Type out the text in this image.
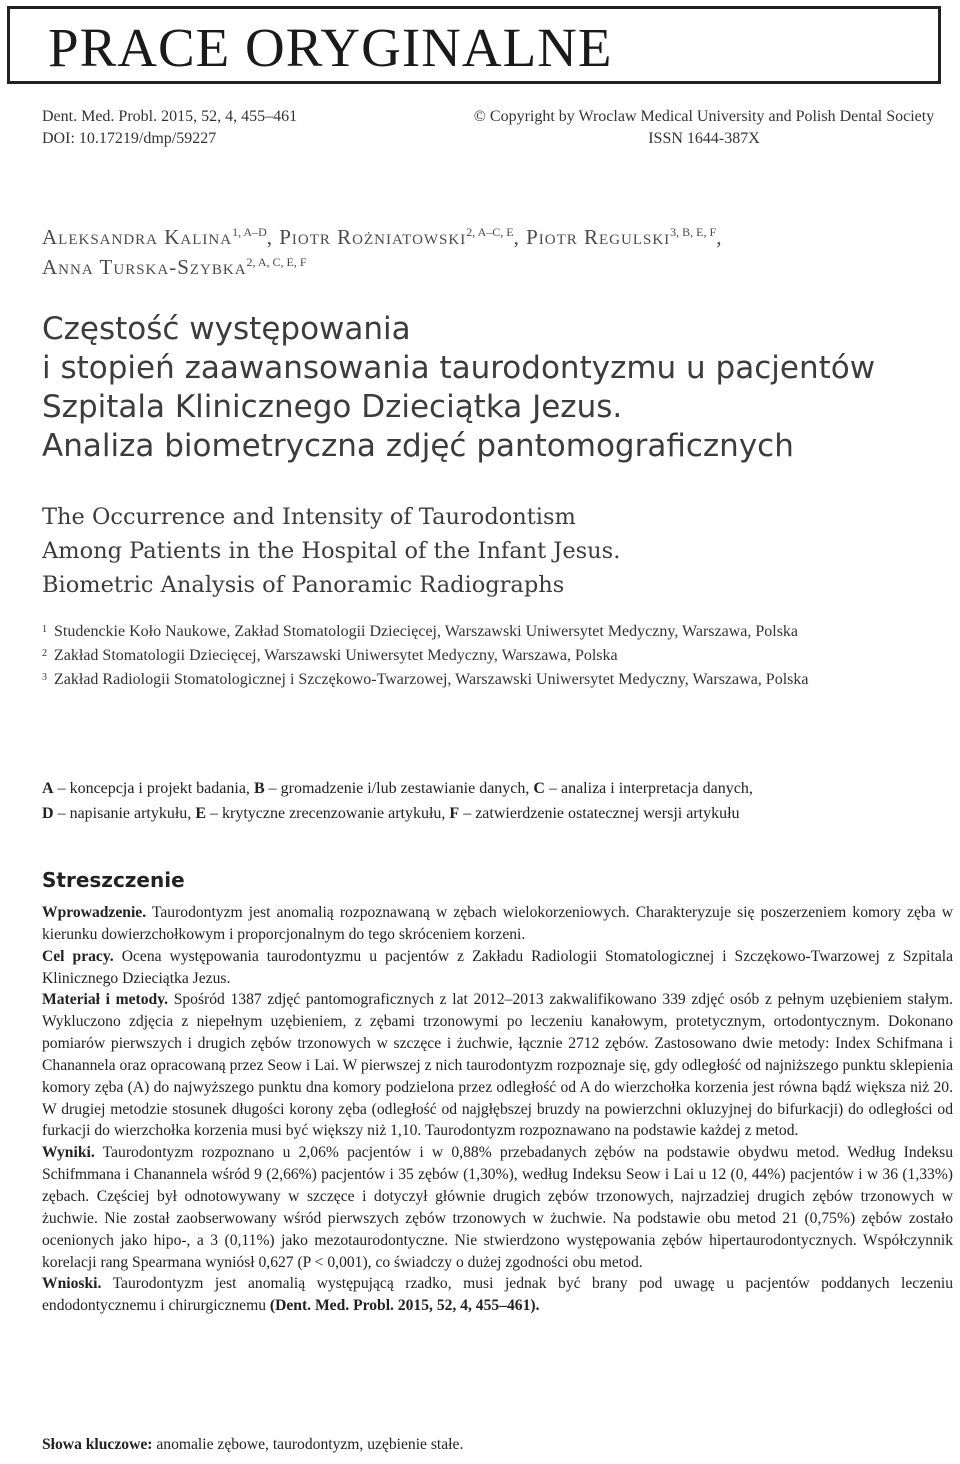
PRACE ORYGINALNE
Dent. Med. Probl. 2015, 52, 4, 455–461
DOI: 10.17219/dmp/59227
© Copyright by Wroclaw Medical University and Polish Dental Society
ISSN 1644-387X
Aleksandra Kalina$^{1, A-D}$, Piotr Rożniatowski$^{2, A-C, E}$, Piotr Regulski$^{3, B, E, F}$,
Anna Turska-Szybka$^{2, A, C, E, F}$
Częstość występowania
i stopień zaawansowania taurodontyzmu u pacjentów
Szpitala Klinicznego Dzieciątka Jezus.
Analiza biometryczna zdjęć pantomograficznych
The Occurrence and Intensity of Taurodontism
Among Patients in the Hospital of the Infant Jesus.
Biometric Analysis of Panoramic Radiographs
1 Studenckie Koło Naukowe, Zakład Stomatologii Dziecięcej, Warszawski Uniwersytet Medyczny, Warszawa, Polska
2 Zakład Stomatologii Dziecięcej, Warszawski Uniwersytet Medyczny, Warszawa, Polska
3 Zakład Radiologii Stomatologicznej i Szczękowo-Twarzowej, Warszawski Uniwersytet Medyczny, Warszawa, Polska
A – koncepcja i projekt badania, B – gromadzenie i/lub zestawianie danych, C – analiza i interpretacja danych,
D – napisanie artykułu, E – krytyczne zrecenzowanie artykułu, F – zatwierdzenie ostatecznej wersji artykułu
Streszczenie

Wprowadzenie. Taurodontyzm jest anomalią rozpoznawaną w zębach wielokorzeniowych. Charakteryzuje się poszerzeniem komory zęba w kierunku dowierzchołkowym i proporcjonalnym do tego skróceniem korzeni.

Cel pracy. Ocena występowania taurodontyzmu u pacjentów z Zakładu Radiologii Stomatologicznej i Szczękowo-Twarzowej z Szpitala Klinicznego Dzieciątka Jezus.

Materiał i metody. Spośród 1387 zdjęć pantomograficznych z lat 2012–2013 zakwalifikowano 339 zdjęć osób z pełnym uzębieniem stałym. Wykluczono zdjęcia z niepełnym uzębieniem, z zębami trzonowymi po leczeniu kanałowym, protetycznym, ortodontycznym. Dokonano pomiarów pierwszych i drugich zębów trzonowych w szczęce i żuchwie, łącznie 2712 zębów. Zastosowano dwie metody: Index Schifmana i Chanannela oraz opracowaną przez Seow i Lai. W pierwszej z nich taurodontyzm rozpoznaje się, gdy odległość od najniższego punktu sklepienia komory zęba (A) do najwyższego punktu dna komory podzielona przez odległość od A do wierzchołka korzenia jest równa bądź większa niż 20. W drugiej metodzie stosunek długości korony zęba (odległość od najgłębszej bruzdy na powierzchni okluzyjnej do bifurkacji) do odległości od furkacji do wierzchołka korzenia musi być większy niż 1,10. Taurodontyzm rozpoznawano na podstawie każdej z metod.

Wyniki. Taurodontyzm rozpoznano u 2,06% pacjentów i w 0,88% przebadanych zębów na podstawie obydwu metod. Według Indeksu Schifmmana i Chanannela wśród 9 (2,66%) pacjentów i 35 zębów (1,30%), według Indeksu Seow i Lai u 12 (0, 44%) pacjentów i w 36 (1,33%) zębach. Częściej był odnotowywany w szczęce i dotyczył głównie drugich zębów trzonowych, najrzadziej drugich zębów trzonowych w żuchwie. Nie został zaobserwowany wśród pierwszych zębów trzonowych w żuchwie. Na podstawie obu metod 21 (0,75%) zębów zostało ocenionych jako hipo-, a 3 (0,11%) jako mezotaurodontyczne. Nie stwierdzono występowania zębów hipertaurodontycznych. Współczynnik korelacji rang Spearmana wyniósł 0,627 (P < 0,001), co świadczy o dużej zgodności obu metod.

Wnioski. Taurodontyzm jest anomalią występującą rzadko, musi jednak być brany pod uwagę u pacjentów poddanych leczeniu endodontycznemu i chirurgicznemu (Dent. Med. Probl. 2015, 52, 4, 455–461).

Słowa kluczowe: anomalie zębowe, taurodontyzm, uzębienie stałe.
